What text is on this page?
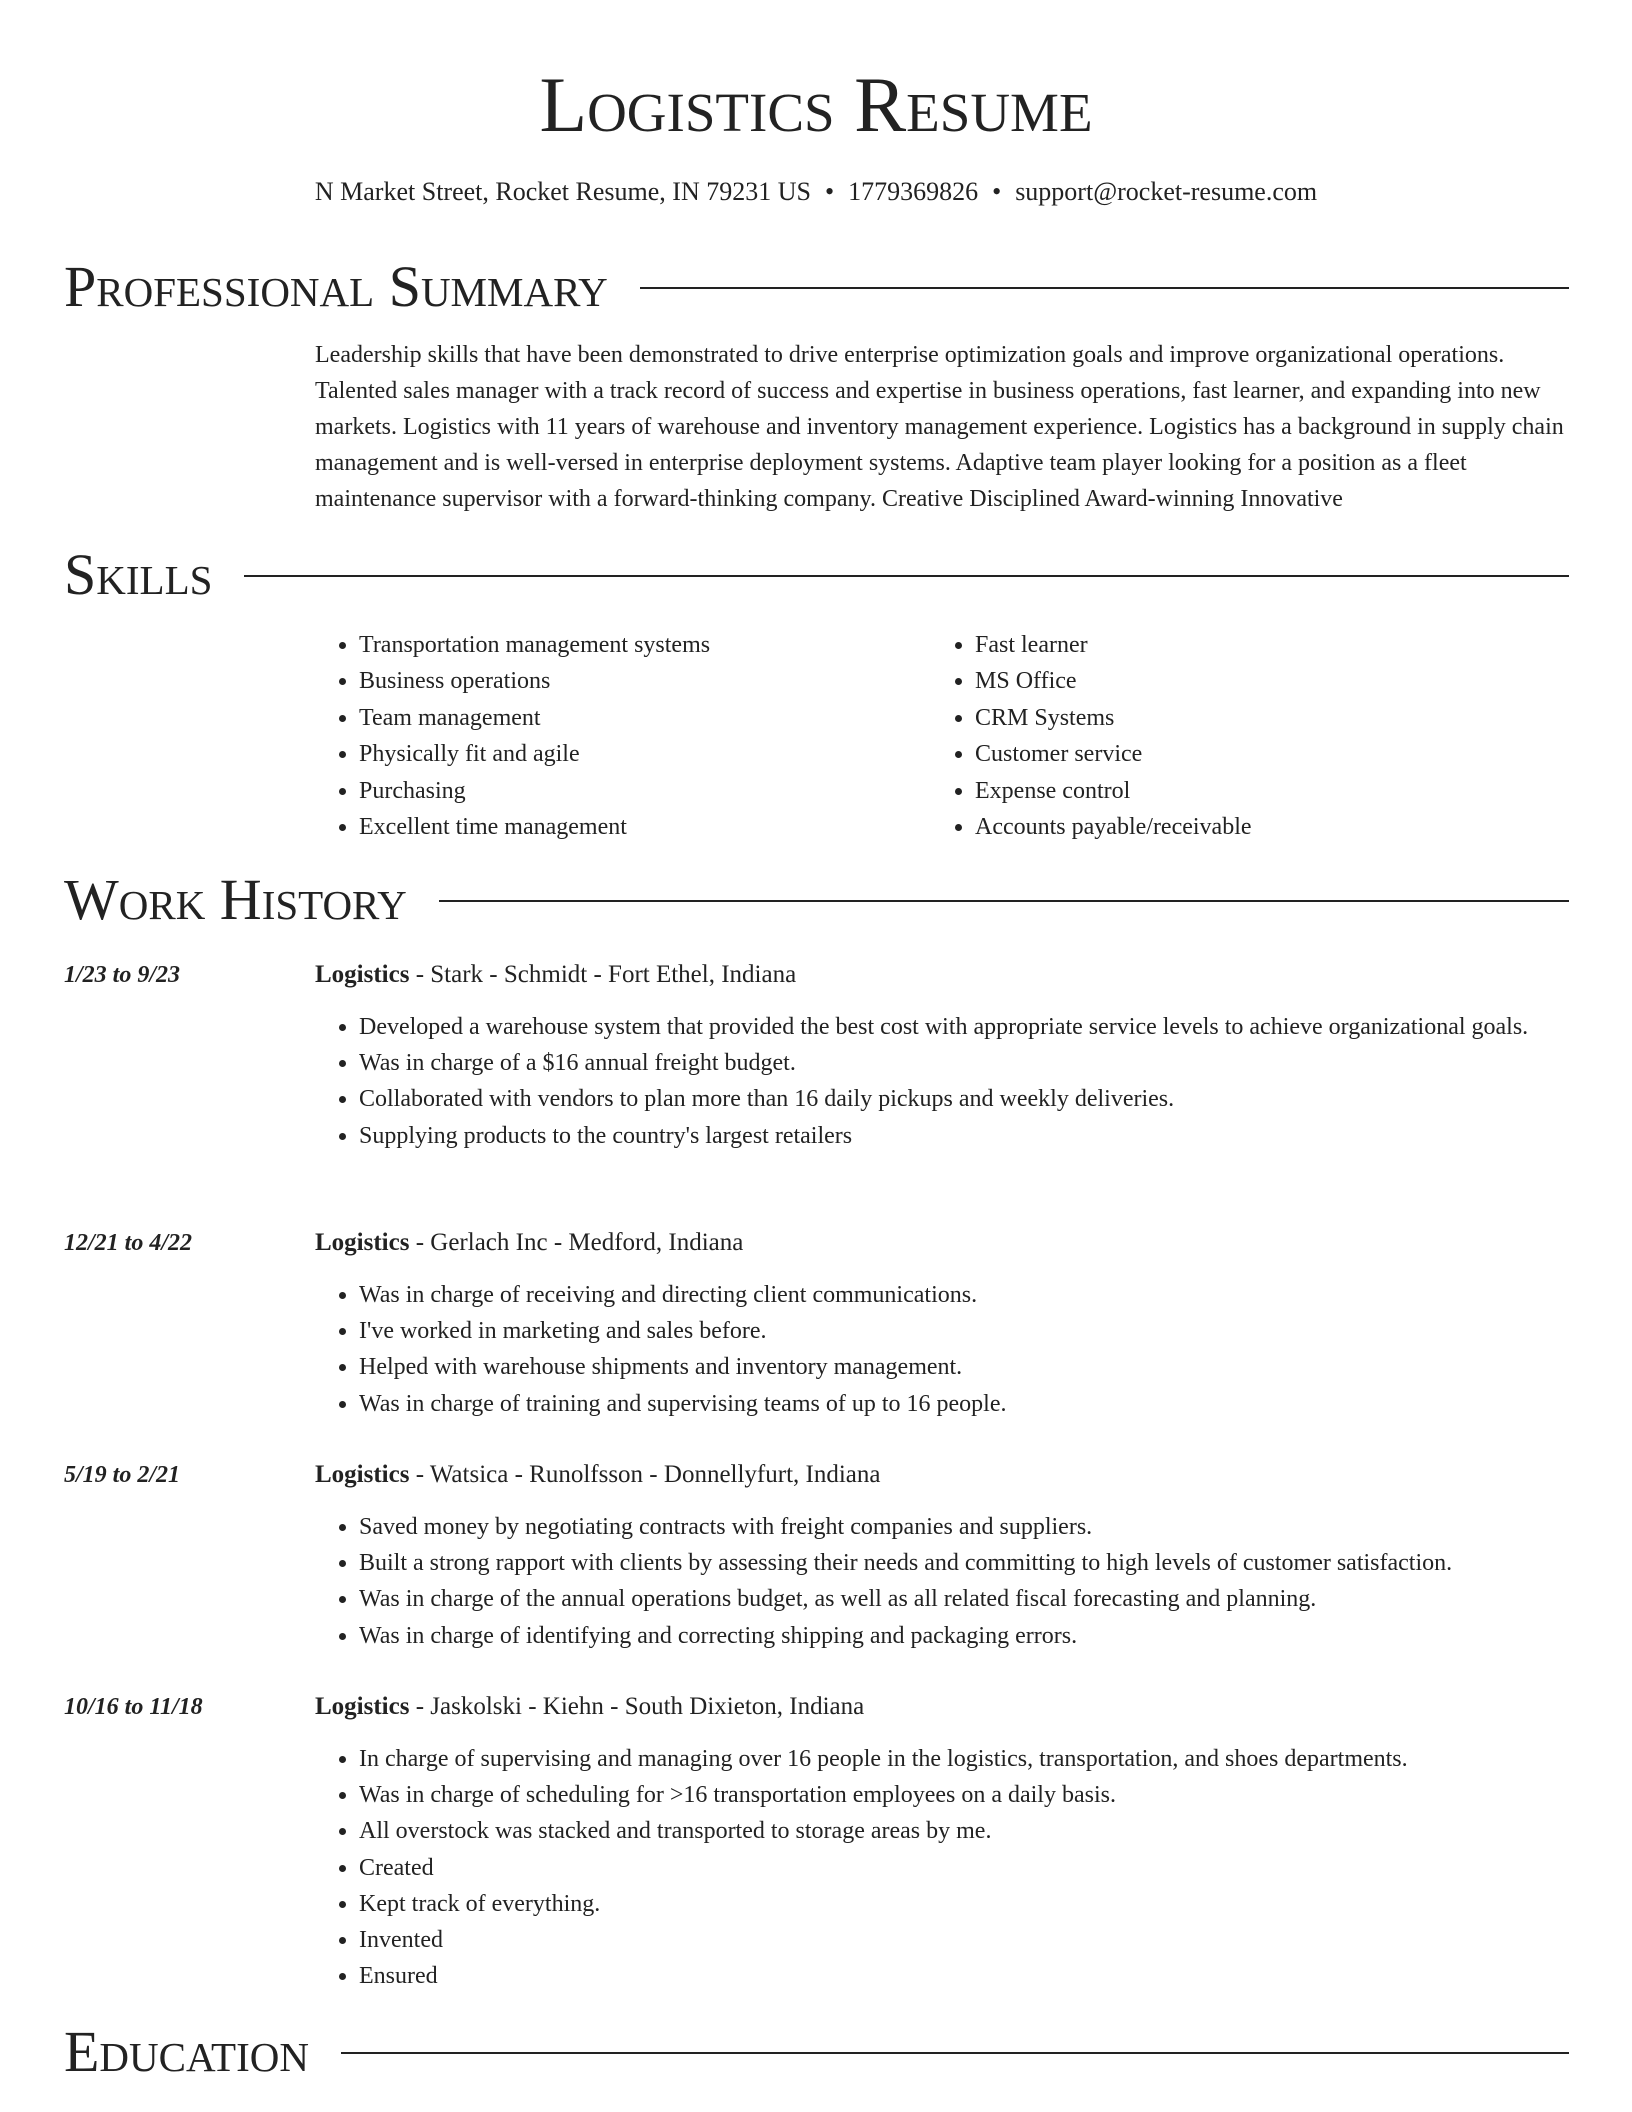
Logistics Resume
N Market Street, Rocket Resume, IN 79231 US • 1779369826 • support@rocket-resume.com
Professional Summary

Leadership skills that have been demonstrated to drive enterprise optimization goals and improve organizational operations. Talented sales manager with a track record of success and expertise in business operations, fast learner, and expanding into new markets. Logistics with 11 years of warehouse and inventory management experience. Logistics has a background in supply chain management and is well-versed in enterprise deployment systems. Adaptive team player looking for a position as a fleet maintenance supervisor with a forward-thinking company. Creative Disciplined Award-winning Innovative

Skills
• Transportation management systems
• Business operations
• Team management
• Physically fit and agile
• Purchasing
• Excellent time management
• Fast learner
• MS Office
• CRM Systems
• Customer service
• Expense control
• Accounts payable/receivable
Work History
1/23 to 9/23	Logistics - Stark - Schmidt - Fort Ethel, Indiana
• Developed a warehouse system that provided the best cost with appropriate service levels to achieve organizational goals.
• Was in charge of a $16 annual freight budget.
• Collaborated with vendors to plan more than 16 daily pickups and weekly deliveries.
• Supplying products to the country's largest retailers
12/21 to 4/22	Logistics - Gerlach Inc - Medford, Indiana
• Was in charge of receiving and directing client communications.
• I've worked in marketing and sales before.
• Helped with warehouse shipments and inventory management.
• Was in charge of training and supervising teams of up to 16 people.
5/19 to 2/21	Logistics - Watsica - Runolfsson - Donnellyfurt, Indiana
• Saved money by negotiating contracts with freight companies and suppliers.
• Built a strong rapport with clients by assessing their needs and committing to high levels of customer satisfaction.
• Was in charge of the annual operations budget, as well as all related fiscal forecasting and planning.
• Was in charge of identifying and correcting shipping and packaging errors.
10/16 to 11/18	Logistics - Jaskolski - Kiehn - South Dixieton, Indiana
• In charge of supervising and managing over 16 people in the logistics, transportation, and shoes departments.
• Was in charge of scheduling for >16 transportation employees on a daily basis.
• All overstock was stacked and transported to storage areas by me.
• Created
• Kept track of everything.
• Invented
• Ensured
Education
